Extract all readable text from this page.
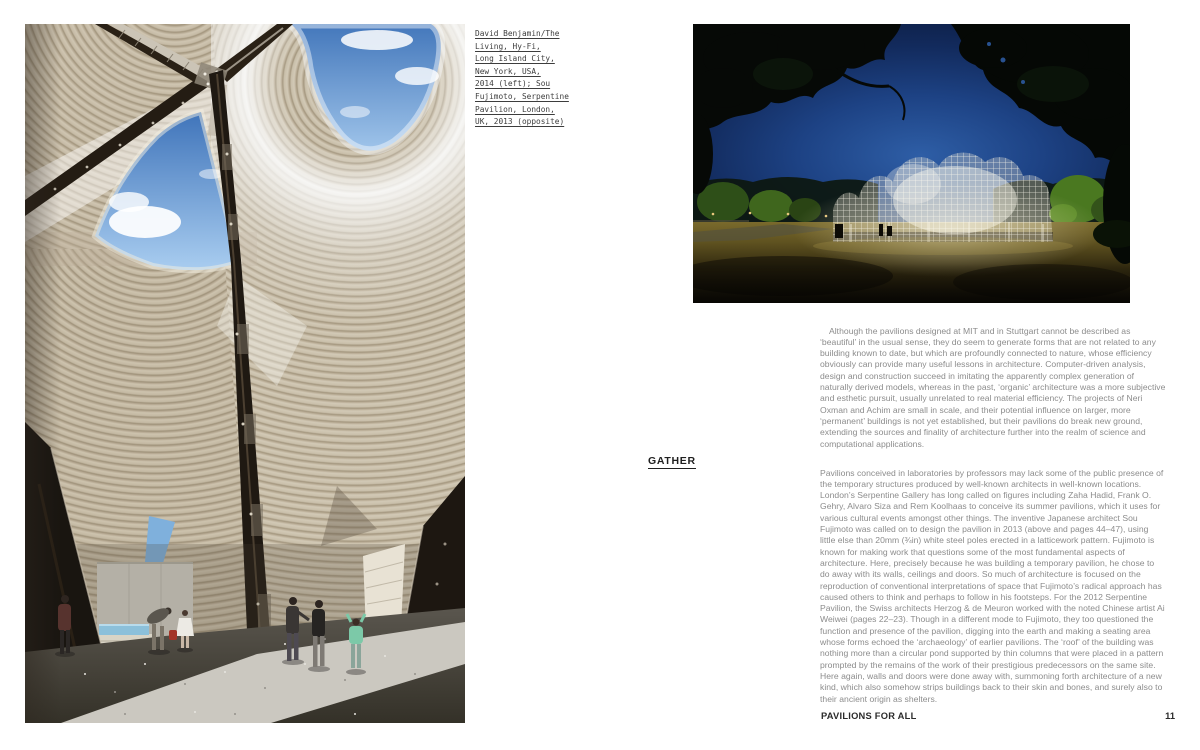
David Benjamin/The
Living, Hy-Fi,
Long Island City,
New York, USA,
2014 (left); Sou
Fujimoto, Serpentine
Pavilion, London,
UK, 2013 (opposite)

Although the pavilions designed at MIT and in Stuttgart cannot be described as ‘beautiful’ in the usual sense, they do seem to generate forms that are not related to any building known to date, but which are profoundly connected to nature, whose efficiency obviously can provide many useful lessons in architecture. Computer-driven analysis, design and construction succeed in imitating the apparently complex generation of naturally derived models, whereas in the past, ‘organic’ architecture was a more subjective and esthetic pursuit, usually unrelated to real material efficiency. The projects of Neri Oxman and Achim are small in scale, and their potential influence on larger, more ‘permanent’ buildings is not yet established, but their pavilions do break new ground, extending the sources and finality of architecture further into the realm of science and computational applications.

GATHER

Pavilions conceived in laboratories by professors may lack some of the public presence of the temporary structures produced by well-known architects in well-known locations. London’s Serpentine Gallery has long called on figures including Zaha Hadid, Frank O. Gehry, Alvaro Siza and Rem Koolhaas to conceive its summer pavilions, which it uses for various cultural events amongst other things. The inventive Japanese architect Sou Fujimoto was called on to design the pavilion in 2013 (above and pages 44–47), using little else than 20mm (¾in) white steel poles erected in a latticework pattern. Fujimoto is known for making work that questions some of the most fundamental aspects of architecture. Here, precisely because he was building a temporary pavilion, he chose to do away with its walls, ceilings and doors. So much of architecture is focused on the reproduction of conventional interpretations of space that Fujimoto’s radical approach has caused others to think and perhaps to follow in his footsteps. For the 2012 Serpentine Pavilion, the Swiss architects Herzog & de Meuron worked with the noted Chinese artist Ai Weiwei (pages 22–23). Though in a different mode to Fujimoto, they too questioned the function and presence of the pavilion, digging into the earth and making a seating area whose forms echoed the ‘archaeology’ of earlier pavilions. The ‘roof’ of the building was nothing more than a circular pond supported by thin columns that were placed in a pattern prompted by the remains of the work of their prestigious predecessors on the same site. Here again, walls and doors were done away with, summoning forth architecture of a new kind, which also somehow strips buildings back to their skin and bones, and surely also to their ancient origin as shelters.

PAVILIONS FOR ALL	11
